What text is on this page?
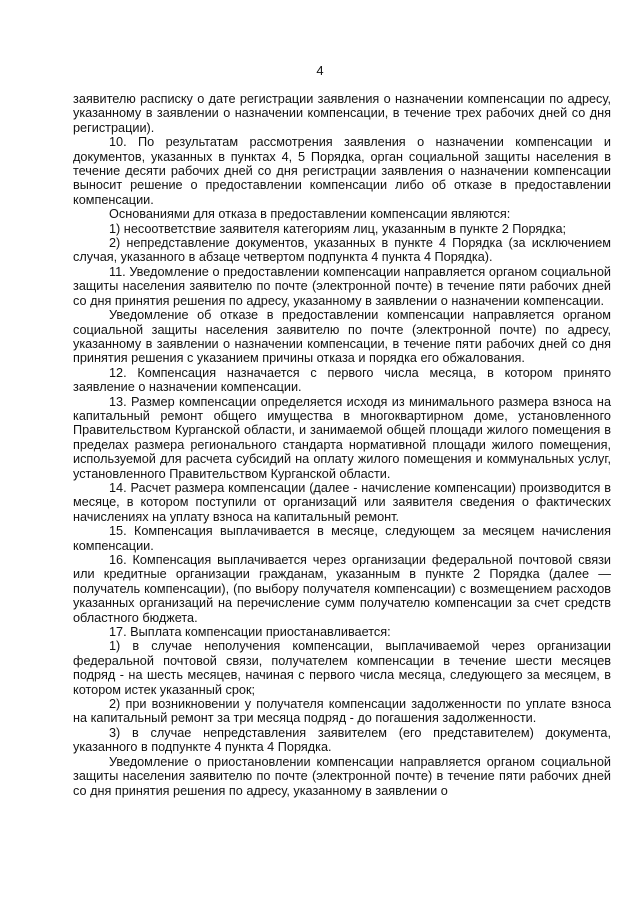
4

заявителю расписку о дате регистрации заявления о назначении компенсации по адресу, указанному в заявлении о назначении компенсации, в течение трех рабочих дней со дня регистрации).

10. По результатам рассмотрения заявления о назначении компенсации и документов, указанных в пунктах 4, 5 Порядка, орган социальной защиты населения в течение десяти рабочих дней со дня регистрации заявления о назначении компенсации выносит решение о предоставлении компенсации либо об отказе в предоставлении компенсации.

Основаниями для отказа в предоставлении компенсации являются:

1) несоответствие заявителя категориям лиц, указанным в пункте 2 Порядка;

2) непредставление документов, указанных в пункте 4 Порядка (за исключением случая, указанного в абзаце четвертом подпункта 4 пункта 4 Порядка).

11. Уведомление о предоставлении компенсации направляется органом социальной защиты населения заявителю по почте (электронной почте) в течение пяти рабочих дней со дня принятия решения по адресу, указанному в заявлении о назначении компенсации.

Уведомление об отказе в предоставлении компенсации направляется органом социальной защиты населения заявителю по почте (электронной почте) по адресу, указанному в заявлении о назначении компенсации, в течение пяти рабочих дней со дня принятия решения с указанием причины отказа и порядка его обжалования.

12. Компенсация назначается с первого числа месяца, в котором принято заявление о назначении компенсации.

13. Размер компенсации определяется исходя из минимального размера взноса на капитальный ремонт общего имущества в многоквартирном доме, установленного Правительством Курганской области, и занимаемой общей площади жилого помещения в пределах размера регионального стандарта нормативной площади жилого помещения, используемой для расчета субсидий на оплату жилого помещения и коммунальных услуг, установленного Правительством Курганской области.

14. Расчет размера компенсации (далее - начисление компенсации) производится в месяце, в котором поступили от организаций или заявителя сведения о фактических начислениях на уплату взноса на капитальный ремонт.

15. Компенсация выплачивается в месяце, следующем за месяцем начисления компенсации.

16. Компенсация выплачивается через организации федеральной почтовой связи или кредитные организации гражданам, указанным в пункте 2 Порядка (далее — получатель компенсации), (по выбору получателя компенсации) с возмещением расходов указанных организаций на перечисление сумм получателю компенсации за счет средств областного бюджета.

17. Выплата компенсации приостанавливается:

1) в случае неполучения компенсации, выплачиваемой через организации федеральной почтовой связи, получателем компенсации в течение шести месяцев подряд - на шесть месяцев, начиная с первого числа месяца, следующего за месяцем, в котором истек указанный срок;

2) при возникновении у получателя компенсации задолженности по уплате взноса на капитальный ремонт за три месяца подряд - до погашения задолженности.

3) в случае непредставления заявителем (его представителем) документа, указанного в подпункте 4 пункта 4 Порядка.

Уведомление о приостановлении компенсации направляется органом социальной защиты населения заявителю по почте (электронной почте) в течение пяти рабочих дней со дня принятия решения по адресу, указанному в заявлении о
